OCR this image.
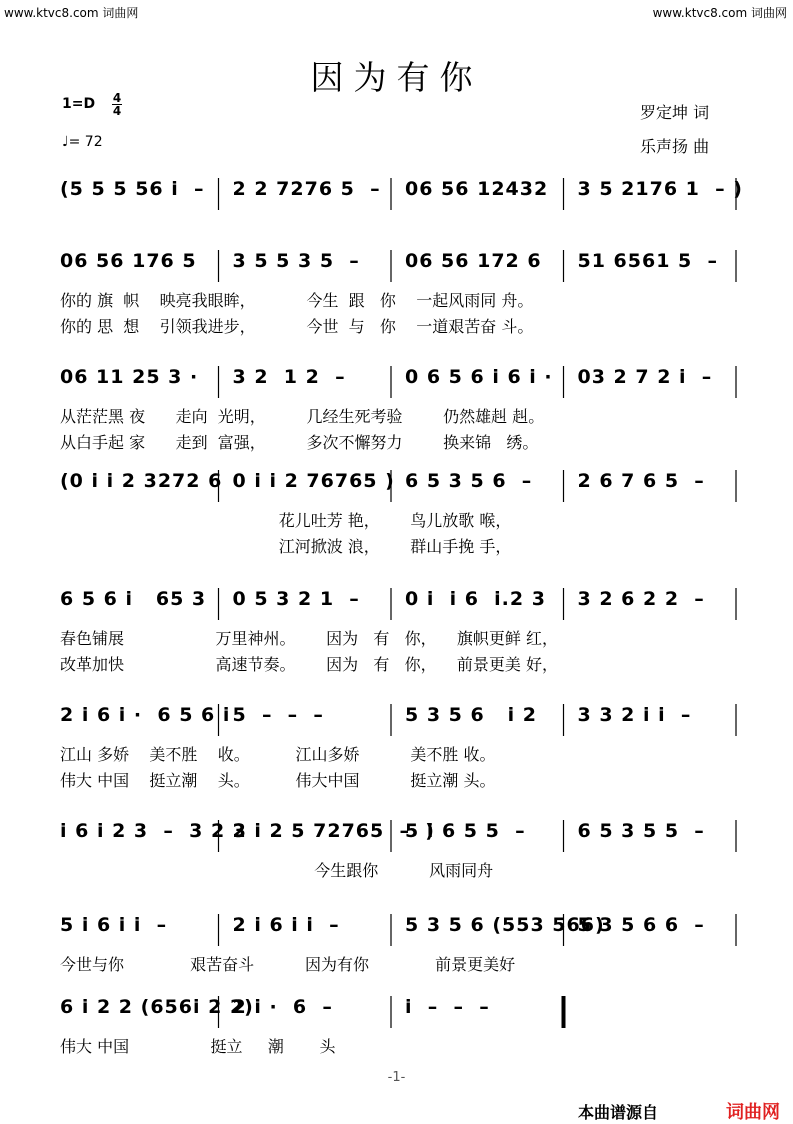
www.ktvc8.com 词曲网	www.ktvc8.com 词曲网
因为有你
1=D 4
4
♩= 72
罗定坤 词
乐声扬 曲
(5 5 5 56 i  – 2 2 7276 5  – 06 56 12432 3 5 2176 1  – )
06 56 176 5 3 5 5 3 5  – 06 56 172 6 51 6561 5  –
你的 旗  帜    映亮我眼眸，          今生  跟   你    一起风雨同 舟。
你的 思  想    引领我进步，          今世  与   你    一道艰苦奋 斗。
06 11 25 3 · 3 2  1 2  –	0 6 5 6 i 6 i · 03 2 7 2 i  –
从茫茫黑 夜      走向  光明，        几经生死考验        仍然雄赳 赳。
从白手起 家      走到  富强，        多次不懈努力        换来锦   绣。
(0 i i 2 3272 6 0 i i 2 76765 ) 6 5 3 5 6  – 2 6 7 6 5  –
花儿吐芳 艳，      鸟儿放歌 喉，
江河掀波 浪，      群山手挽 手，
6 5 6 i   65 3 0 5 3 2 1  – 0 i  i 6  i.2 3 3 2 6 2 2  –
春色铺展                  万里神州。      因为   有   你，    旗帜更鲜 红，
改革加快                  高速节奏。      因为   有   你，    前景更美 好，
2 i 6 i ·  6 5 6 i 5  –  –  –	5 3 5 6   i 2 3 3 2 i i  –
江山 多娇    美不胜    收。         江山多娇          美不胜 收。
伟大 中国    挺立潮    头。         伟大中国          挺立潮 头。
i 6 i 2 3  –  3 2 3
2 i 2 5 72765  –  )
5 i 6 5 5  –	6 5 3 5 5  –
今生跟你          风雨同舟
5 i 6 i i  –	2 i 6 i i  –	5 3 5 6 (553 566)
5 3 5 6 6  –
今世与你             艰苦奋斗          因为有你             前景更美好
6 i 2 2 (656i 2 2)
2 i ·  6  –	i  –  –  –
伟大 中国                挺立     潮       头
-1-
本曲谱源自	词曲网
